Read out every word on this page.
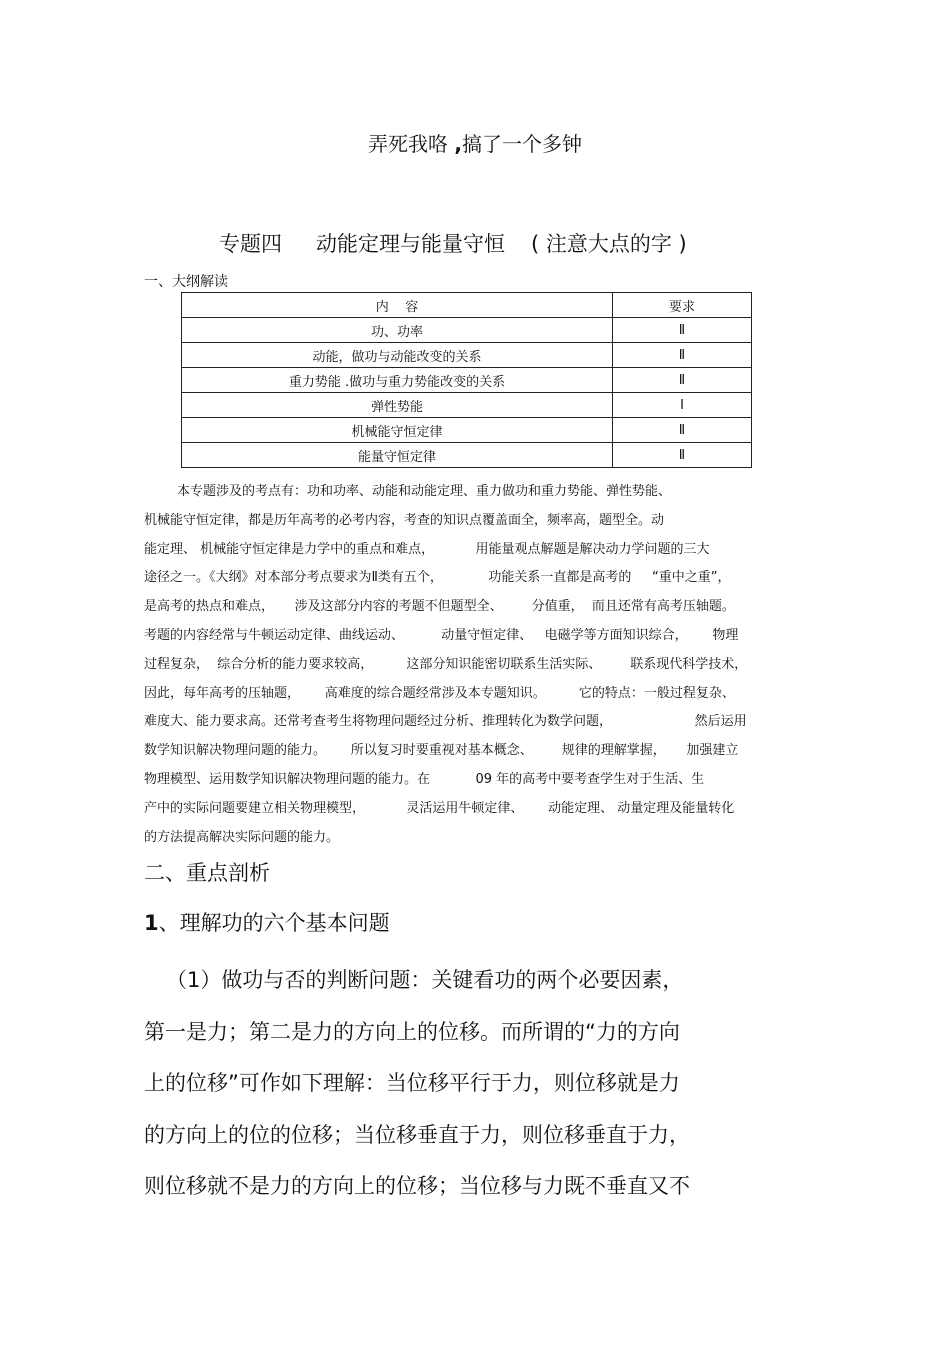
弄死我咯 ,搞了一个多钟
专题四 动能定理与能量守恒 ( 注意大点的字 )
一、大纲解读
内    容	要求
功、功率	Ⅱ
动能，做功与动能改变的关系	Ⅱ
重力势能 .做功与重力势能改变的关系	Ⅱ
弹性势能	Ⅰ
机械能守恒定律	Ⅱ
能量守恒定律	Ⅱ
本专题涉及的考点有：功和功率、动能和动能定理、重力做功和重力势能、弹性势能、
机械能守恒定律，都是历年高考的必考内容，考查的知识点覆盖面全，频率高，题型全。动
能定理、 机械能守恒定律是力学中的重点和难点，          用能量观点解题是解决动力学问题的三大
途径之一。《大纲》对本部分考点要求为Ⅱ类有五个，           功能关系一直都是高考的     “重中之重”，
是高考的热点和难点，     涉及这部分内容的考题不但题型全、       分值重，  而且还常有高考压轴题。
考题的内容经常与牛顿运动定律、曲线运动、         动量守恒定律、   电磁学等方面知识综合，      物理
过程复杂，  综合分析的能力要求较高，        这部分知识能密切联系生活实际、       联系现代科学技术，
因此，每年高考的压轴题，      高难度的综合题经常涉及本专题知识。        它的特点：一般过程复杂、
难度大、能力要求高。还常考查考生将物理问题经过分析、推理转化为数学问题，                    然后运用
数学知识解决物理问题的能力。      所以复习时要重视对基本概念、       规律的理解掌握，     加强建立
物理模型、运用数学知识解决物理问题的能力。在           09 年的高考中要考查学生对于生活、生
产中的实际问题要建立相关物理模型，          灵活运用牛顿定律、      动能定理、 动量定理及能量转化
的方法提高解决实际问题的能力。
二、重点剖析
1、理解功的六个基本问题
（1）做功与否的判断问题：关键看功的两个必要因素，
第一是力；第二是力的方向上的位移。而所谓的“力的方向
上的位移”可作如下理解：当位移平行于力，则位移就是力
的方向上的位的位移；当位移垂直于力，则位移垂直于力，
则位移就不是力的方向上的位移；当位移与力既不垂直又不
